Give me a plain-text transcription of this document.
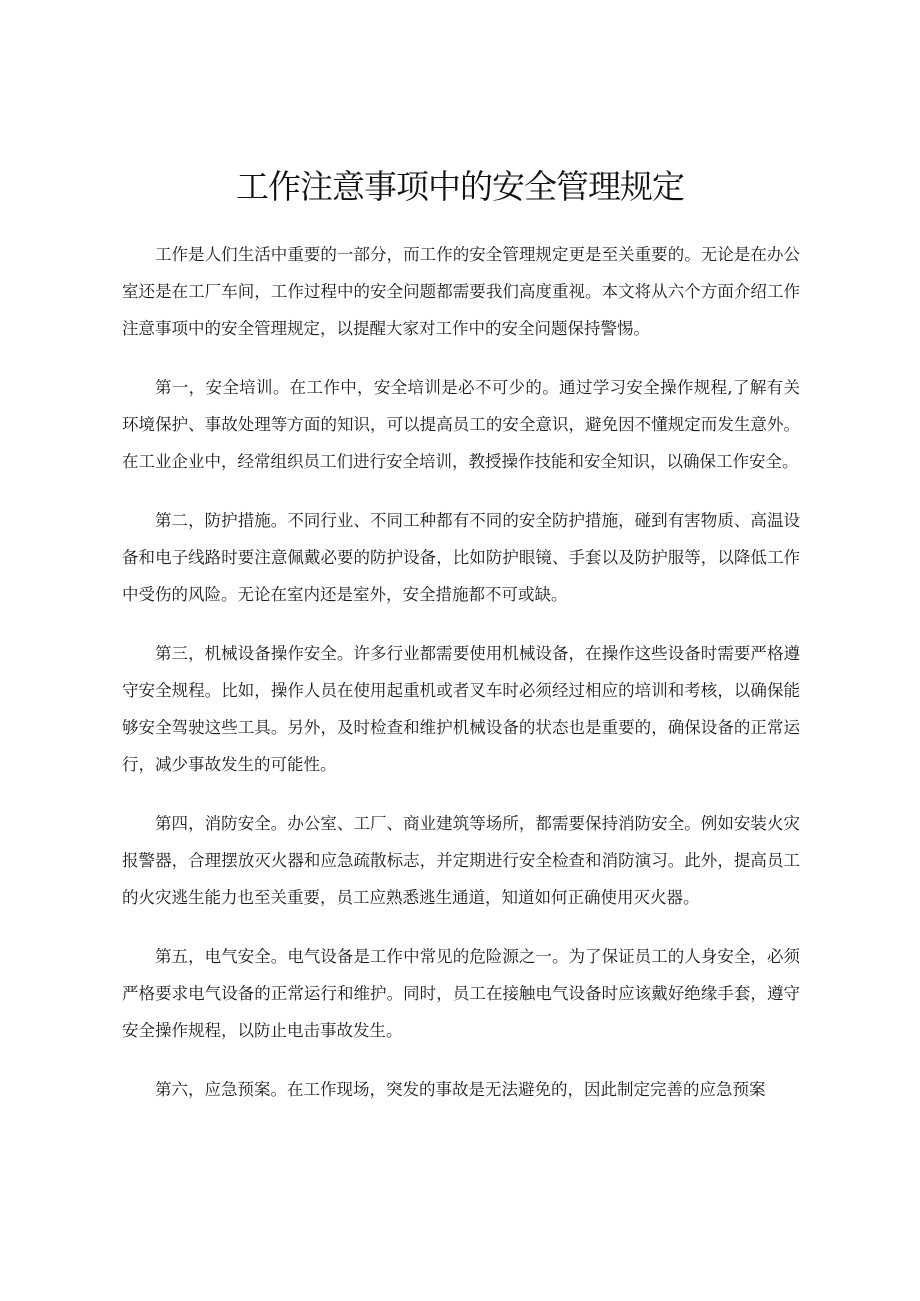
工作注意事项中的安全管理规定

工作是人们生活中重要的一部分，而工作的安全管理规定更是至关重要的。无论是在办公室还是在工厂车间，工作过程中的安全问题都需要我们高度重视。本文将从六个方面介绍工作注意事项中的安全管理规定，以提醒大家对工作中的安全问题保持警惕。

第一，安全培训。在工作中，安全培训是必不可少的。通过学习安全操作规程,了解有关环境保护、事故处理等方面的知识，可以提高员工的安全意识，避免因不懂规定而发生意外。在工业企业中，经常组织员工们进行安全培训，教授操作技能和安全知识，以确保工作安全。

第二，防护措施。不同行业、不同工种都有不同的安全防护措施，碰到有害物质、高温设备和电子线路时要注意佩戴必要的防护设备，比如防护眼镜、手套以及防护服等，以降低工作中受伤的风险。无论在室内还是室外，安全措施都不可或缺。

第三，机械设备操作安全。许多行业都需要使用机械设备，在操作这些设备时需要严格遵守安全规程。比如，操作人员在使用起重机或者叉车时必须经过相应的培训和考核，以确保能够安全驾驶这些工具。另外，及时检查和维护机械设备的状态也是重要的，确保设备的正常运行，减少事故发生的可能性。

第四，消防安全。办公室、工厂、商业建筑等场所，都需要保持消防安全。例如安装火灾报警器，合理摆放灭火器和应急疏散标志，并定期进行安全检查和消防演习。此外，提高员工的火灾逃生能力也至关重要，员工应熟悉逃生通道，知道如何正确使用灭火器。

第五，电气安全。电气设备是工作中常见的危险源之一。为了保证员工的人身安全，必须严格要求电气设备的正常运行和维护。同时，员工在接触电气设备时应该戴好绝缘手套，遵守安全操作规程，以防止电击事故发生。

第六，应急预案。在工作现场，突发的事故是无法避免的，因此制定完善的应急预案
